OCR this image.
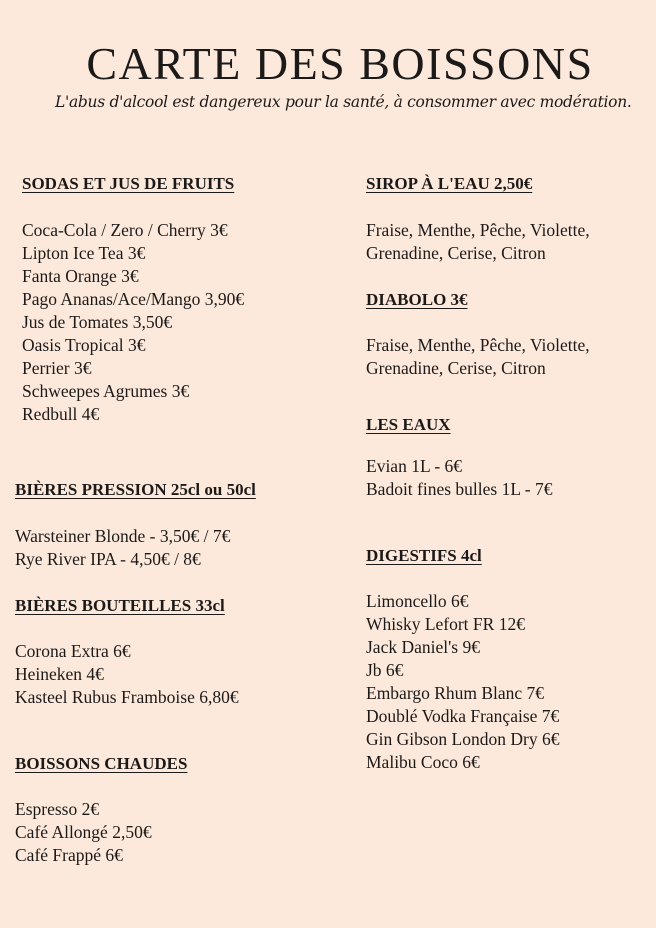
CARTE DES BOISSONS
L'abus d'alcool est dangereux pour la santé, à consommer avec modération.
SODAS ET JUS DE FRUITS
Coca-Cola / Zero / Cherry 3€
Lipton Ice Tea 3€
Fanta Orange 3€
Pago Ananas/Ace/Mango 3,90€
Jus de Tomates 3,50€
Oasis Tropical 3€
Perrier 3€
Schweepes Agrumes 3€
Redbull 4€
BIÈRES PRESSION 25cl ou 50cl
Warsteiner Blonde - 3,50€ / 7€
Rye River IPA - 4,50€ / 8€
BIÈRES BOUTEILLES 33cl
Corona Extra 6€
Heineken 4€
Kasteel Rubus Framboise 6,80€
BOISSONS CHAUDES
Espresso 2€
Café Allongé 2,50€
Café Frappé 6€
SIROP À L'EAU 2,50€
Fraise, Menthe, Pêche, Violette,
Grenadine, Cerise, Citron
DIABOLO 3€
Fraise, Menthe, Pêche, Violette,
Grenadine, Cerise, Citron
LES EAUX
Evian 1L - 6€
Badoit fines bulles 1L - 7€
DIGESTIFS 4cl
Limoncello 6€
Whisky Lefort FR 12€
Jack Daniel's 9€
Jb 6€
Embargo Rhum Blanc 7€
Doublé Vodka Française 7€
Gin Gibson London Dry 6€
Malibu Coco 6€
